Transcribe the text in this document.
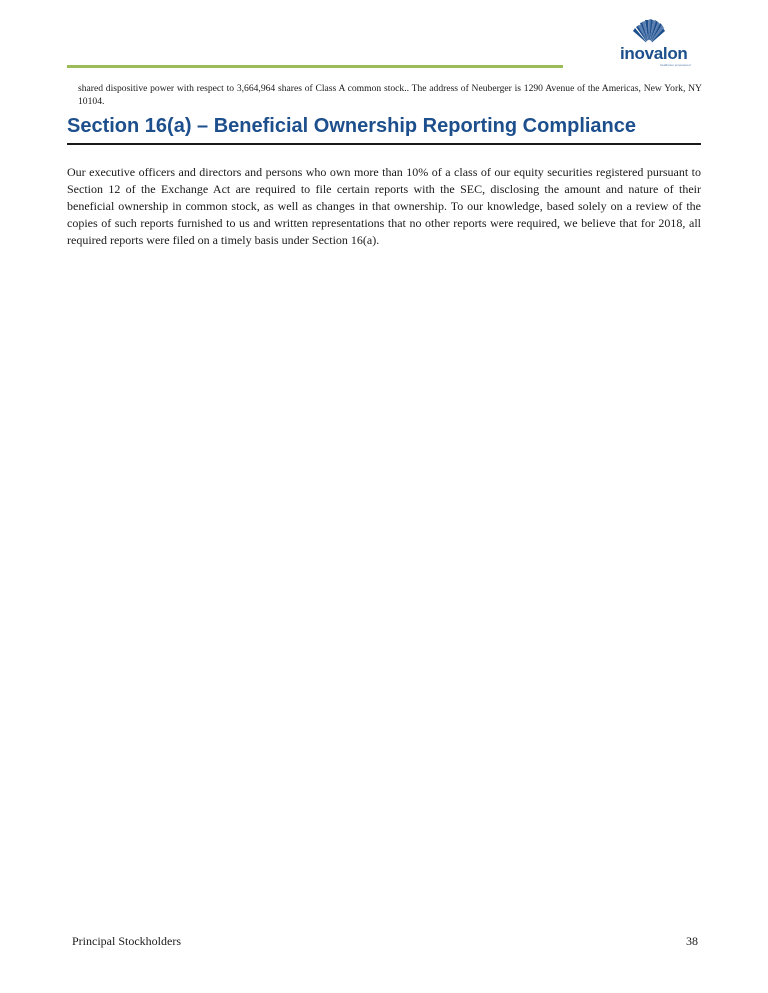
inovalon
healthcare empowered

shared dispositive power with respect to 3,664,964 shares of Class A common stock.. The address of Neuberger is 1290 Avenue of the Americas, New York, NY 10104.

Section 16(a) – Beneficial Ownership Reporting Compliance

Our executive officers and directors and persons who own more than 10% of a class of our equity securities registered pursuant to Section 12 of the Exchange Act are required to file certain reports with the SEC, disclosing the amount and nature of their beneficial ownership in common stock, as well as changes in that ownership. To our knowledge, based solely on a review of the copies of such reports furnished to us and written representations that no other reports were required, we believe that for 2018, all required reports were filed on a timely basis under Section 16(a).

Principal Stockholders	38
